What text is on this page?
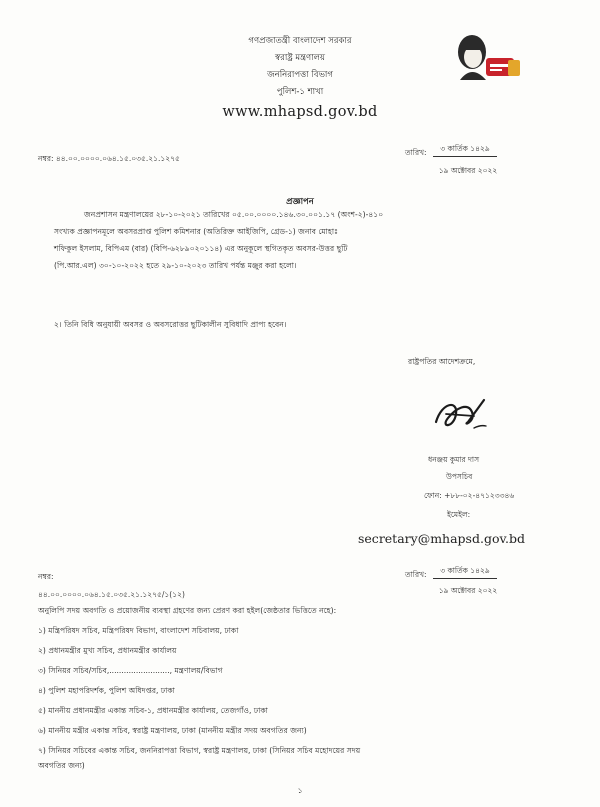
গণপ্রজাতন্ত্রী বাংলাদেশ সরকার
স্বরাষ্ট্র মন্ত্রণালয়
জননিরাপত্তা বিভাগ
পুলিশ-১ শাখা
www.mhapsd.gov.bd
নম্বর: ৪৪.০০.০০০০.০৬৪.১৫.০৩৫.২১.১২৭৫
তারিখ:	৩ কার্তিক ১৪২৯
১৯ অক্টোবর ২০২২
প্রজ্ঞাপন
জনপ্রশাসন মন্ত্রণালয়ের ২৮-১০-২০২১ তারিখের ০৫.০০.০০০০.১৪৬.৩০.০০১.১৭ (অংশ-২)-৪১০
সংখ্যক প্রজ্ঞাপনমূলে অবসরপ্রাপ্ত পুলিশ কমিশনার (অতিরিক্ত আইজিপি, গ্রেড-১) জনাব মোহাঃ
শফিকুল ইসলাম, বিপিএম (বার) (বিপি-৬২৮৯০২০১১৪) এর অনুকূলে স্থগিতকৃত অবসর-উত্তর ছুটি
(পি.আর.এল) ৩০-১০-২০২২ হতে ২৯-১০-২০২৩ তারিখ পর্যন্ত মঞ্জুর করা হলো।
২। তিনি বিধি অনুযায়ী অবসর ও অবসরোত্তর ছুটিকালীন সুবিধাদি প্রাপ্য হবেন।
রাষ্ট্রপতির আদেশক্রমে,
ধনঞ্জয় কুমার দাস
উপসচিব
ফোন: +৮৮-০২-৪৭১২৩৩৪৬
ইমেইল:
secretary@mhapsd.gov.bd
নম্বর:
৪৪.০০.০০০০.০৬৪.১৫.০৩৫.২১.১২৭৫/১(১২)
তারিখ:	৩ কার্তিক ১৪২৯
১৯ অক্টোবর ২০২২
অনুলিপি সদয় অবগতি ও প্রয়োজনীয় ব্যবস্থা গ্রহণের জন্য প্রেরণ করা হইল(জেষ্ঠতার ভিত্তিতে নহে):
১) মন্ত্রিপরিষদ সচিব, মন্ত্রিপরিষদ বিভাগ, বাংলাদেশ সচিবালয়, ঢাকা
২) প্রধানমন্ত্রীর মুখ্য সচিব, প্রধানমন্ত্রীর কার্যালয়
৩) সিনিয়র সচিব/সচিব,........................., মন্ত্রণালয়/বিভাগ
৪) পুলিশ মহাপরিদর্শক, পুলিশ অধিদপ্তর, ঢাকা
৫) মাননীয় প্রধানমন্ত্রীর একান্ত সচিব-১, প্রধানমন্ত্রীর কার্যালয়, তেজগাঁও, ঢাকা
৬) মাননীয় মন্ত্রীর একান্ত সচিব, স্বরাষ্ট্র মন্ত্রণালয়, ঢাকা (মাননীয় মন্ত্রীর সদয় অবগতির জন্য)
৭) সিনিয়র সচিবের একান্ত সচিব, জননিরাপত্তা বিভাগ, স্বরাষ্ট্র মন্ত্রণালয়, ঢাকা (সিনিয়র সচিব মহোদয়ের সদয়
অবগতির জন্য)
১
